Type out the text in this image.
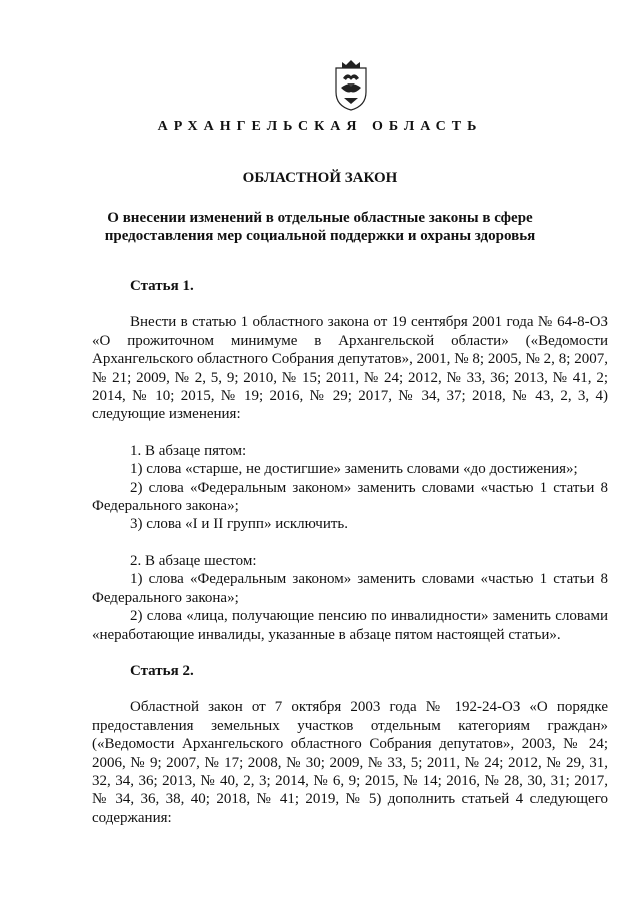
АРХАНГЕЛЬСКАЯ ОБЛАСТЬ
ОБЛАСТНОЙ ЗАКОН
О внесении изменений в отдельные областные законы в сфере предоставления мер социальной поддержки и охраны здоровья
Статья 1.

Внести в статью 1 областного закона от 19 сентября 2001 года № 64-8-ОЗ «О прожиточном минимуме в Архангельской области» («Ведомости Архангельского областного Собрания депутатов», 2001, № 8; 2005, № 2, 8; 2007, № 21; 2009, № 2, 5, 9; 2010, № 15; 2011, № 24; 2012, № 33, 36; 2013, № 41, 2; 2014, № 10; 2015, № 19; 2016, № 29; 2017, № 34, 37; 2018, № 43, 2, 3, 4) следующие изменения:

1. В абзаце пятом:

1) слова «старше, не достигшие» заменить словами «до достижения»;

2) слова «Федеральным законом» заменить словами «частью 1 статьи 8 Федерального закона»;

3) слова «I и II групп» исключить.

2. В абзаце шестом:

1) слова «Федеральным законом» заменить словами «частью 1 статьи 8 Федерального закона»;

2) слова «лица, получающие пенсию по инвалидности» заменить словами «неработающие инвалиды, указанные в абзаце пятом настоящей статьи».

Статья 2.

Областной закон от 7 октября 2003 года № 192-24-ОЗ «О порядке предоставления земельных участков отдельным категориям граждан» («Ведомости Архангельского областного Собрания депутатов», 2003, № 24; 2006, № 9; 2007, № 17; 2008, № 30; 2009, № 33, 5; 2011, № 24; 2012, № 29, 31, 32, 34, 36; 2013, № 40, 2, 3; 2014, № 6, 9; 2015, № 14; 2016, № 28, 30, 31; 2017, № 34, 36, 38, 40; 2018, № 41; 2019, № 5) дополнить статьей 4 следующего содержания:
